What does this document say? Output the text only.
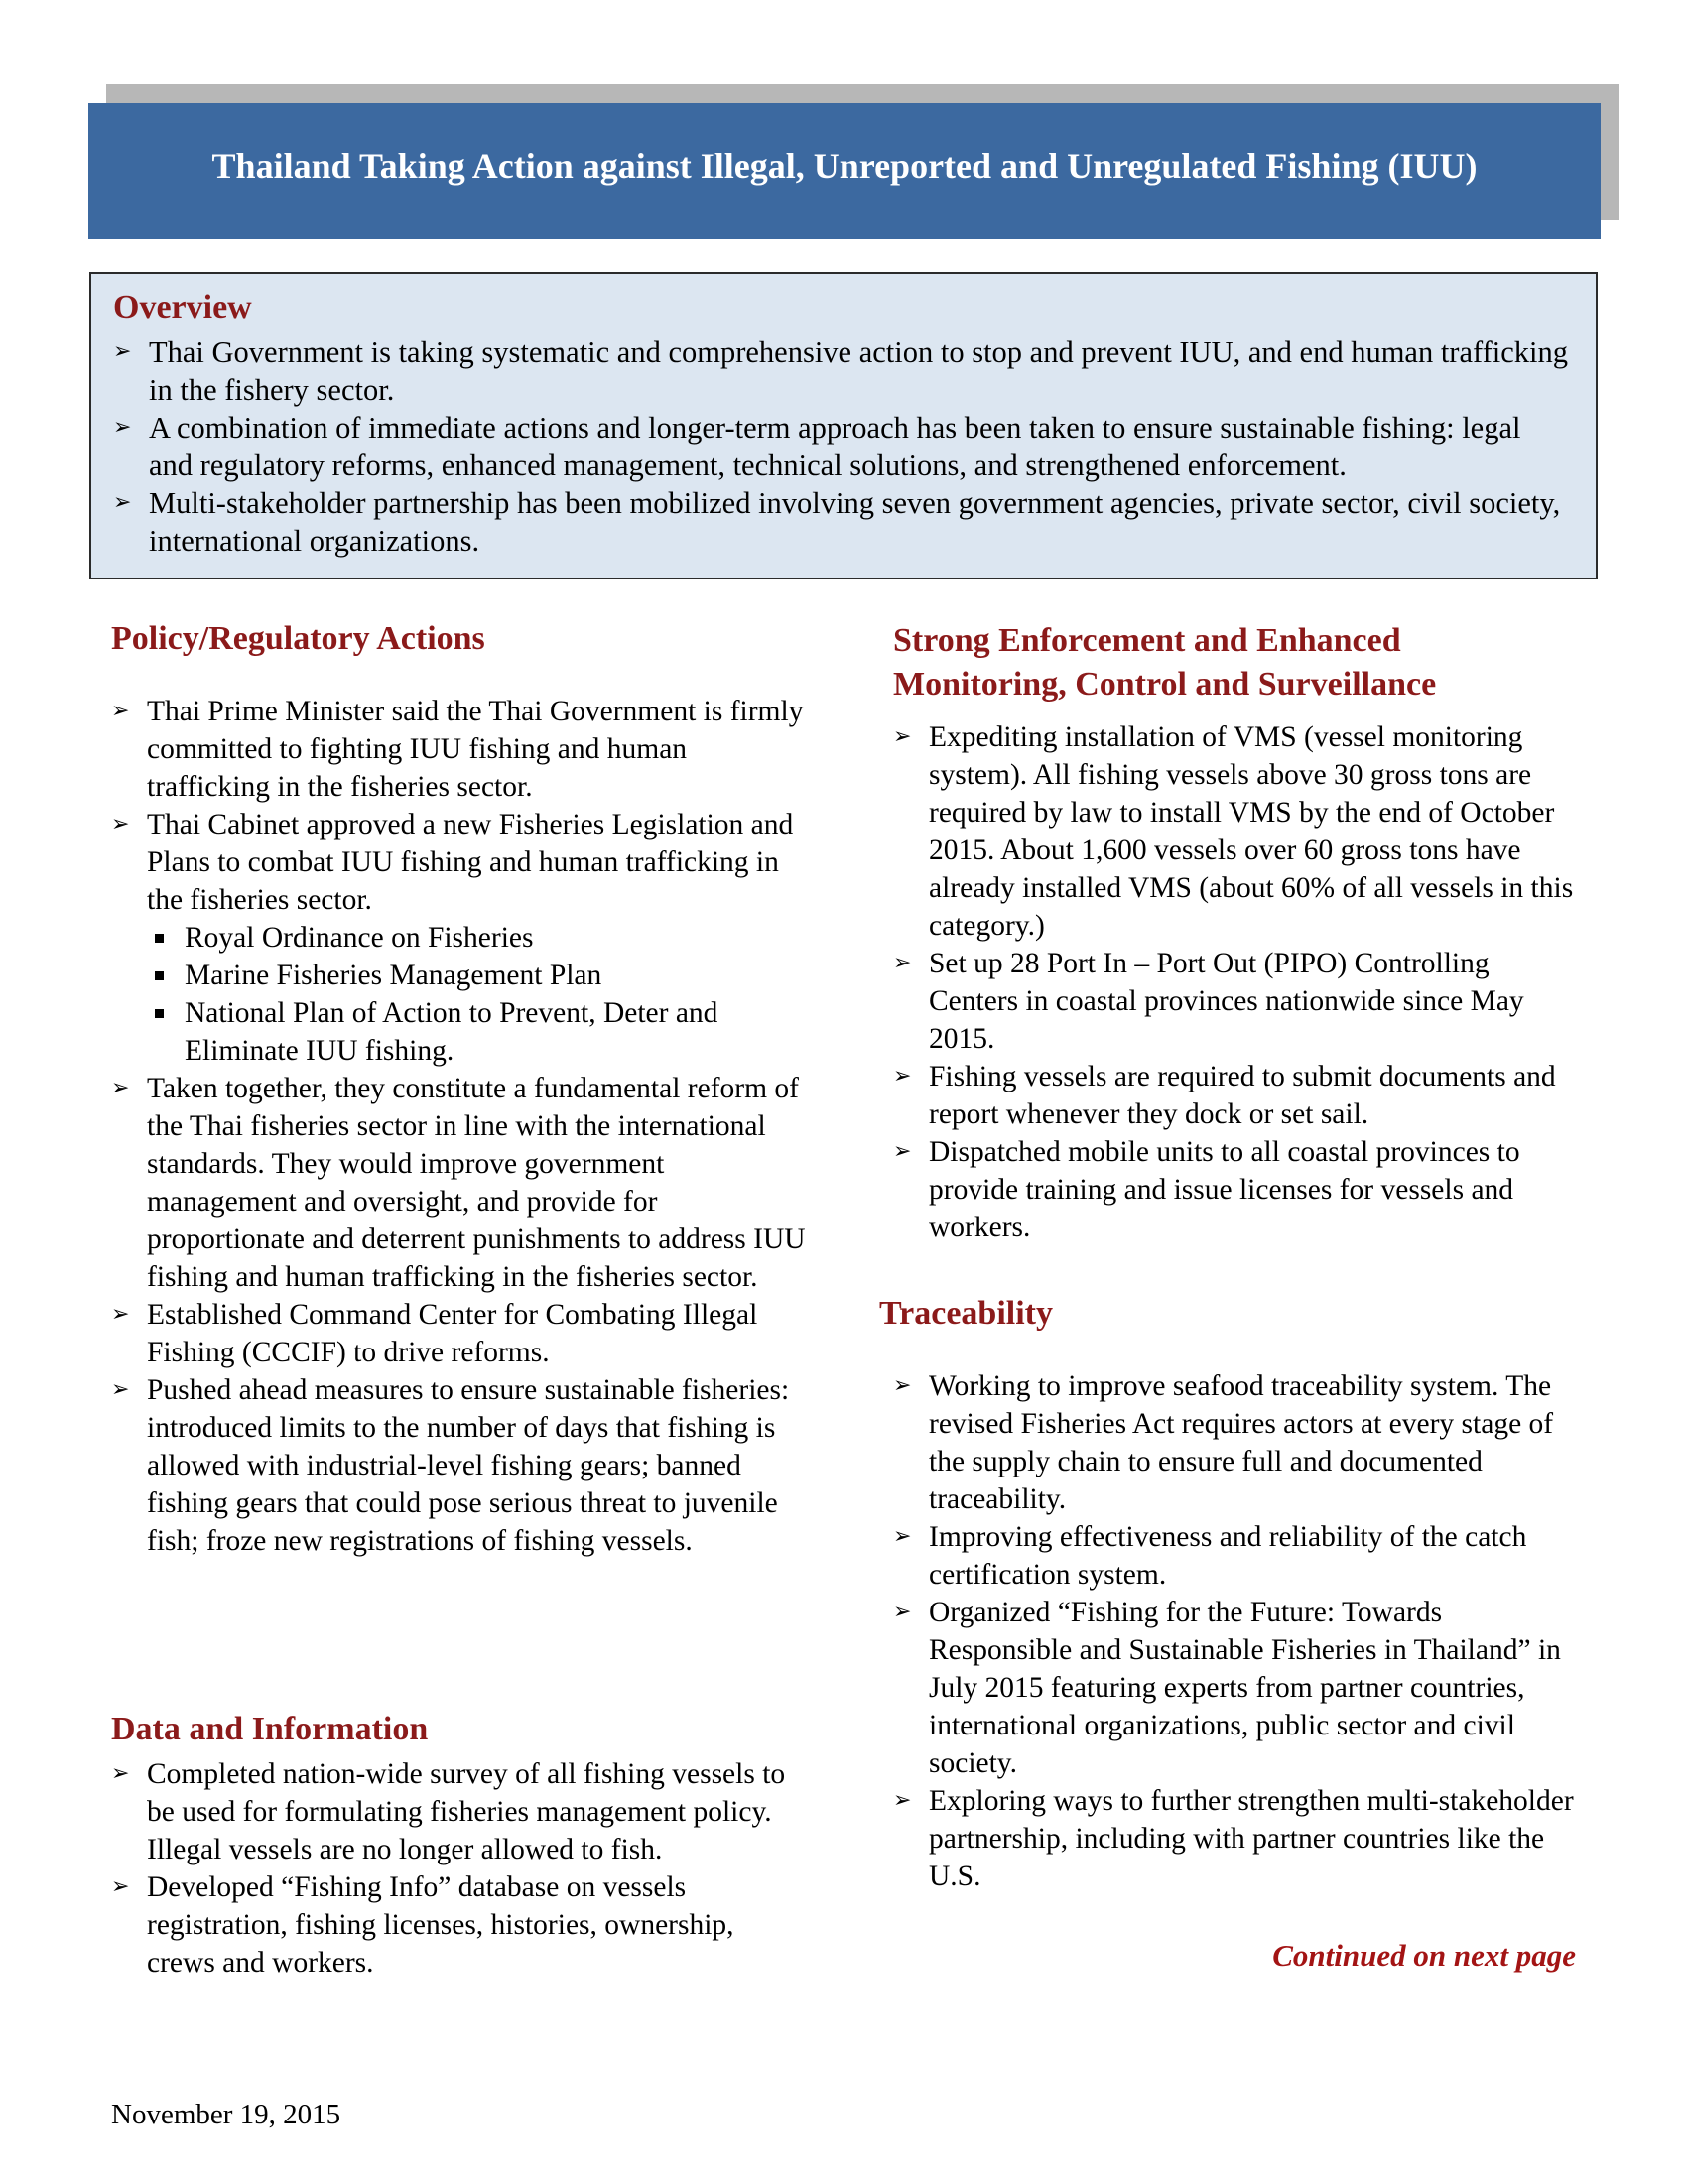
Thailand Taking Action against Illegal, Unreported and Unregulated Fishing (IUU)
Overview
➢ Thai Government is taking systematic and comprehensive action to stop and prevent IUU, and end human trafficking in the fishery sector.
➢ A combination of immediate actions and longer-term approach has been taken to ensure sustainable fishing: legal and regulatory reforms, enhanced management, technical solutions, and strengthened enforcement.
➢ Multi-stakeholder partnership has been mobilized involving seven government agencies, private sector, civil society, international organizations.
Policy/Regulatory Actions
➢ Thai Prime Minister said the Thai Government is firmly committed to fighting IUU fishing and human trafficking in the fisheries sector.
➢ Thai Cabinet approved a new Fisheries Legislation and Plans to combat IUU fishing and human trafficking in the fisheries sector.
Royal Ordinance on Fisheries
Marine Fisheries Management Plan
National Plan of Action to Prevent, Deter and Eliminate IUU fishing.
➢ Taken together, they constitute a fundamental reform of the Thai fisheries sector in line with the international standards. They would improve government management and oversight, and provide for proportionate and deterrent punishments to address IUU fishing and human trafficking in the fisheries sector.
➢ Established Command Center for Combating Illegal Fishing (CCCIF) to drive reforms.
➢ Pushed ahead measures to ensure sustainable fisheries: introduced limits to the number of days that fishing is allowed with industrial-level fishing gears; banned fishing gears that could pose serious threat to juvenile fish; froze new registrations of fishing vessels.
Data and Information
➢ Completed nation-wide survey of all fishing vessels to be used for formulating fisheries management policy. Illegal vessels are no longer allowed to fish.
➢ Developed “Fishing Info” database on vessels registration, fishing licenses, histories, ownership, crews and workers.
Strong Enforcement and Enhanced
Monitoring, Control and Surveillance
➢ Expediting installation of VMS (vessel monitoring system). All fishing vessels above 30 gross tons are required by law to install VMS by the end of October 2015. About 1,600 vessels over 60 gross tons have already installed VMS (about 60% of all vessels in this category.)
➢ Set up 28 Port In – Port Out (PIPO) Controlling Centers in coastal provinces nationwide since May 2015.
➢ Fishing vessels are required to submit documents and report whenever they dock or set sail.
➢ Dispatched mobile units to all coastal provinces to provide training and issue licenses for vessels and workers.
Traceability
➢ Working to improve seafood traceability system. The revised Fisheries Act requires actors at every stage of the supply chain to ensure full and documented traceability.
➢ Improving effectiveness and reliability of the catch certification system.
➢ Organized “Fishing for the Future: Towards Responsible and Sustainable Fisheries in Thailand” in July 2015 featuring experts from partner countries, international organizations, public sector and civil society.
➢ Exploring ways to further strengthen multi-stakeholder partnership, including with partner countries like the U.S.
Continued on next page
November 19, 2015
